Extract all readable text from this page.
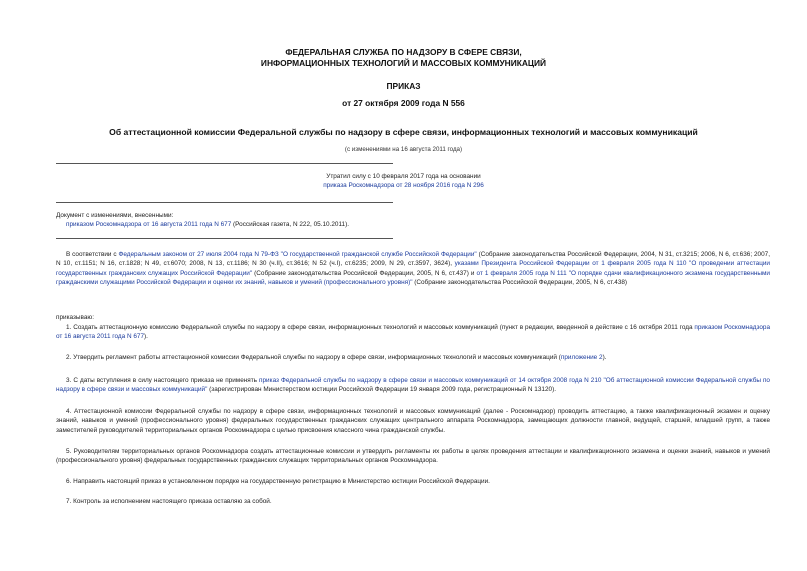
ФЕДЕРАЛЬНАЯ СЛУЖБА ПО НАДЗОРУ В СФЕРЕ СВЯЗИ,
ИНФОРМАЦИОННЫХ ТЕХНОЛОГИЙ И МАССОВЫХ КОММУНИКАЦИЙ
ПРИКАЗ
от 27 октября 2009 года N 556
Об аттестационной комиссии Федеральной службы по надзору в сфере связи, информационных технологий и массовых коммуникаций
(с изменениями на 16 августа 2011 года)
Утратил силу с 10 февраля 2017 года на основании
приказа Роскомнадзора от 28 ноября 2016 года N 296
Документ с изменениями, внесенными:
приказом Роскомнадзора от 16 августа 2011 года N 677 (Российская газета, N 222, 05.10.2011).
В соответствии с Федеральным законом от 27 июля 2004 года N 79-ФЗ "О государственной гражданской службе Российской Федерации" (Собрание законодательства Российской Федерации, 2004, N 31, ст.3215; 2006, N 6, ст.636; 2007, N 10, ст.1151; N 16, ст.1828; N 49, ст.6070; 2008, N 13, ст.1186; N 30 (ч.II), ст.3616; N 52 (ч.I), ст.6235; 2009, N 29, ст.3597, 3624), указами Президента Российской Федерации от 1 февраля 2005 года N 110 "О проведении аттестации государственных гражданских служащих Российской Федерации" (Собрание законодательства Российской Федерации, 2005, N 6, ст.437) и от 1 февраля 2005 года N 111 "О порядке сдачи квалификационного экзамена государственными гражданскими служащими Российской Федерации и оценки их знаний, навыков и умений (профессионального уровня)" (Собрание законодательства Российской Федерации, 2005, N 6, ст.438)
приказываю:
1. Создать аттестационную комиссию Федеральной службы по надзору в сфере связи, информационных технологий и массовых коммуникаций (пункт в редакции, введенной в действие с 16 октября 2011 года приказом Роскомнадзора от 16 августа 2011 года N 677).
2. Утвердить регламент работы аттестационной комиссии Федеральной службы по надзору в сфере связи, информационных технологий и массовых коммуникаций (приложение 2).
3. С даты вступления в силу настоящего приказа не применять приказ Федеральной службы по надзору в сфере связи и массовых коммуникаций от 14 октября 2008 года N 210 "Об аттестационной комиссии Федеральной службы по надзору в сфере связи и массовых коммуникаций" (зарегистрирован Министерством юстиции Российской Федерации 19 января 2009 года, регистрационный N 13120).
4. Аттестационной комиссии Федеральной службы по надзору в сфере связи, информационных технологий и массовых коммуникаций (далее - Роскомнадзор) проводить аттестацию, а также квалификационный экзамен и оценку знаний, навыков и умений (профессионального уровня) федеральных государственных гражданских служащих центрального аппарата Роскомнадзора, замещающих должности главной, ведущей, старшей, младшей групп, а также заместителей руководителей территориальных органов Роскомнадзора с целью присвоения классного чина гражданской службы.
5. Руководителям территориальных органов Роскомнадзора создать аттестационные комиссии и утвердить регламенты их работы в целях проведения аттестации и квалификационного экзамена и оценки знаний, навыков и умений (профессионального уровня) федеральных государственных гражданских служащих территориальных органов Роскомнадзора.
6. Направить настоящий приказ в установленном порядке на государственную регистрацию в Министерство юстиции Российской Федерации.
7. Контроль за исполнением настоящего приказа оставляю за собой.
